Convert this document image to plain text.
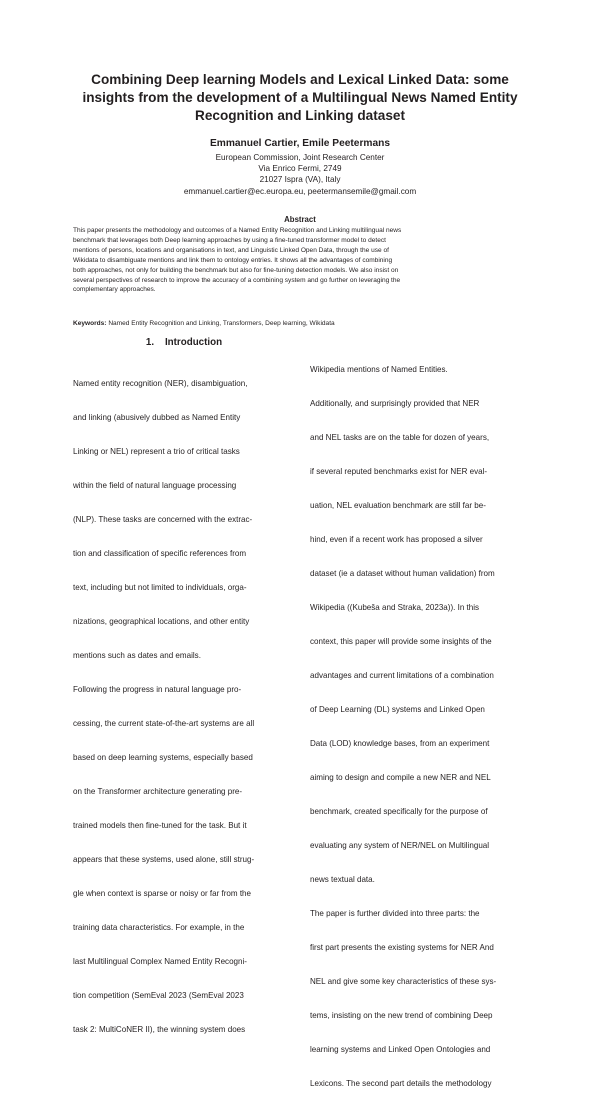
Combining Deep learning Models and Lexical Linked Data: some
insights from the development of a Multilingual News Named Entity
Recognition and Linking dataset

Emmanuel Cartier, Emile Peetermans

European Commission, Joint Research Center
Via Enrico Fermi, 2749
21027 Ispra (VA), Italy
emmanuel.cartier@ec.europa.eu, peetermansemile@gmail.com
Abstract
This paper presents the methodology and outcomes of a Named Entity Recognition and Linking multilingual news
benchmark that leverages both Deep learning approaches by using a fine-tuned transformer model to detect
mentions of persons, locations and organisations in text, and Linguistic Linked Open Data, through the use of
Wikidata to disambiguate mentions and link them to ontology entries. It shows all the advantages of combining
both approaches, not only for building the benchmark but also for fine-tuning detection models. We also insist on
several perspectives of research to improve the accuracy of a combining system and go further on leveraging the
complementary approaches.

Keywords: Named Entity Recognition and Linking, Transformers, Deep learning, Wikidata

1.    Introduction

Named entity recognition (NER), disambiguation,

and linking (abusively dubbed as Named Entity

Linking or NEL) represent a trio of critical tasks

within the field of natural language processing

(NLP). These tasks are concerned with the extrac-

tion and classification of specific references from

text, including but not limited to individuals, orga-

nizations, geographical locations, and other entity

mentions such as dates and emails.

Following the progress in natural language pro-

cessing, the current state-of-the-art systems are all

based on deep learning systems, especially based

on the Transformer architecture generating pre-

trained models then fine-tuned for the task. But it

appears that these systems, used alone, still strug-

gle when context is sparse or noisy or far from the

training data characteristics. For example, in the

last Multilingual Complex Named Entity Recogni-

tion competition (SemEval 2023 (SemEval 2023

task 2: MultiCoNER II), the winning system does

Wikipedia mentions of Named Entities.

Additionally, and surprisingly provided that NER

and NEL tasks are on the table for dozen of years,

if several reputed benchmarks exist for NER eval-

uation, NEL evaluation benchmark are still far be-

hind, even if a recent work has proposed a silver

dataset (ie a dataset without human validation) from

Wikipedia ((Kubeša and Straka, 2023a)). In this

context, this paper will provide some insights of the

advantages and current limitations of a combination

of Deep Learning (DL) systems and Linked Open

Data (LOD) knowledge bases, from an experiment

aiming to design and compile a new NER and NEL

benchmark, created specifically for the purpose of

evaluating any system of NER/NEL on Multilingual

news textual data.

The paper is further divided into three parts: the

first part presents the existing systems for NER And

NEL and give some key characteristics of these sys-

tems, insisting on the new trend of combining Deep

learning systems and Linked Open Ontologies and

Lexicons. The second part details the methodology
